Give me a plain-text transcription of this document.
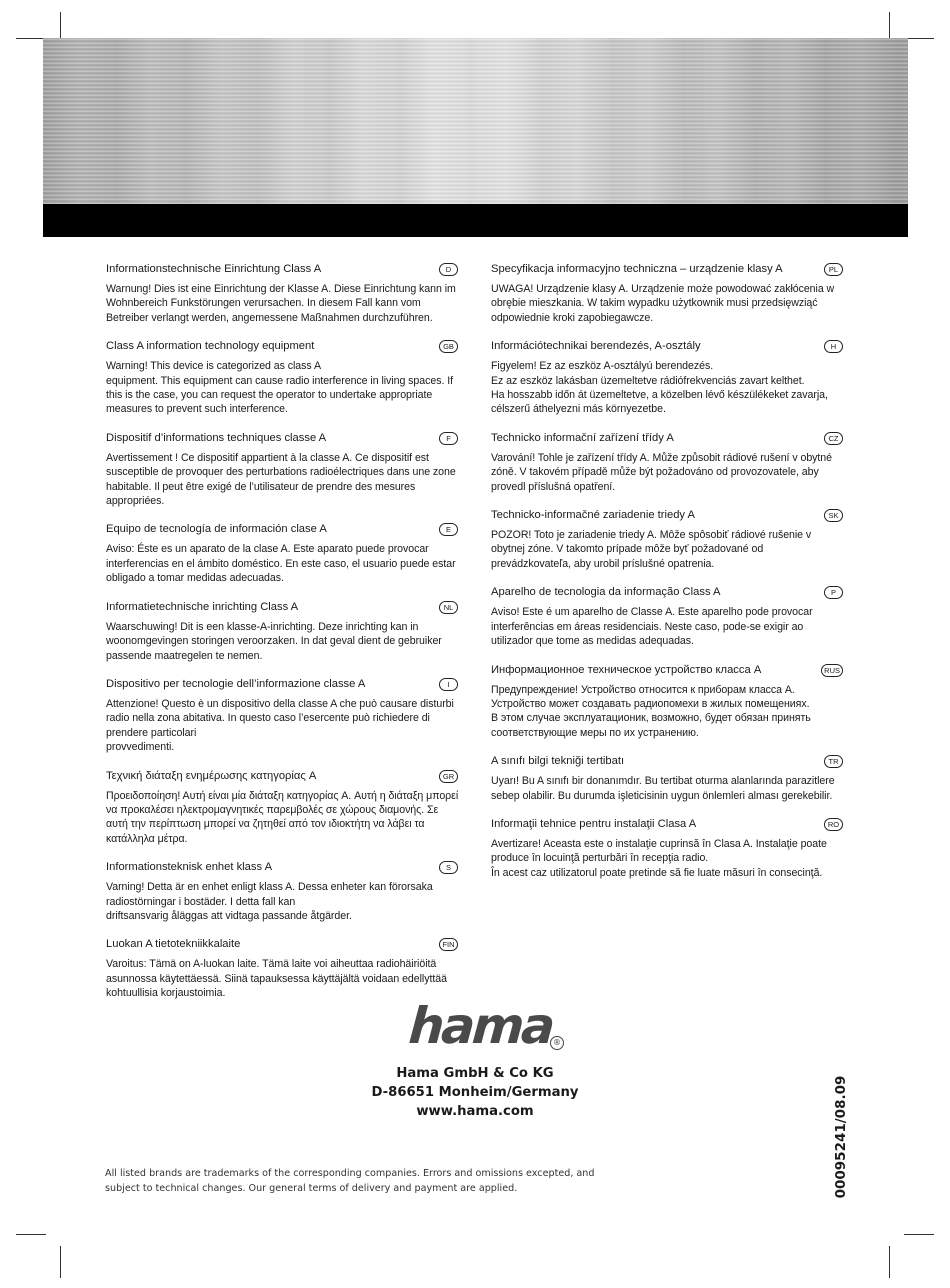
Informationstechnische Einrichtung Class A	D
Warnung! Dies ist eine Einrichtung der Klasse A. Diese Einrichtung kann im Wohnbereich Funkstörungen verursachen. In diesem Fall kann vom Betreiber verlangt werden, angemessene Maßnahmen durchzuführen.
Class A information technology equipment	GB
Warning! This device is categorized as class A
equipment. This equipment can cause radio interference in living spaces. If this is the case, you can request the operator to undertake appropriate measures to prevent such interference.
Dispositif d’informations techniques classe A	F
Avertissement ! Ce dispositif appartient à la classe A. Ce dispositif est susceptible de provoquer des perturbations radioélectriques dans une zone habitable. Il peut être exigé de l’utilisateur de prendre des mesures appropriées.
Equipo de tecnología de información clase A	E
Aviso: Éste es un aparato de la clase A. Este aparato puede provocar interferencias en el ámbito doméstico. En este caso, el usuario puede estar obligado a tomar medidas adecuadas.
Informatietechnische inrichting Class A	NL
Waarschuwing! Dit is een klasse-A-inrichting. Deze inrichting kan in woonomgevingen storingen veroorzaken. In dat geval dient de gebruiker passende maatregelen te nemen.
Dispositivo per tecnologie dell’informazione classe A	I
Attenzione! Questo è un dispositivo della classe A che può causare disturbi radio nella zona abitativa. In questo caso l’esercente può richiedere di prendere particolari
provvedimenti.
Τεχνική διάταξη ενημέρωσης κατηγορίας A	GR
Προειδοποίηση! Αυτή είναι μία διάταξη κατηγορίας A. Αυτή η διάταξη μπορεί να προκαλέσει ηλεκτρομαγνητικές παρεμβολές σε χώρους διαμονής. Σε αυτή την περίπτωση μπορεί να ζητηθεί από τον ιδιοκτήτη να λάβει τα κατάλληλα μέτρα.
Informationsteknisk enhet klass A	S
Varning! Detta är en enhet enligt klass A. Dessa enheter kan förorsaka radiostörningar i bostäder. I detta fall kan
driftsansvarig åläggas att vidtaga passande åtgärder.
Luokan A tietotekniikkalaite	FIN
Varoitus: Tämä on A-luokan laite. Tämä laite voi aiheuttaa radiohäiriöitä asunnossa käytettäessä. Siinä tapauksessa käyttäjältä voidaan edellyttää kohtuullisia korjaustoimia.
Specyfikacja informacyjno techniczna – urządzenie klasy A	PL
UWAGA! Urządzenie klasy A. Urządzenie może powodować zakłócenia w obrębie mieszkania. W takim wypadku użytkownik musi przedsięwziąć odpowiednie kroki zapobiegawcze.
Információtechnikai berendezés, A-osztály	H
Figyelem! Ez az eszköz A-osztályú berendezés.
Ez az eszköz lakásban üzemeltetve rádiófrekvenciás zavart kelthet.
Ha hosszabb időn át üzemeltetve, a közelben lévő készülékeket zavarja, célszerű áthelyezni más környezetbe.
Technicko informační zařízení třídy A	CZ
Varování! Tohle je zařízení třídy A. Může způsobit rádiové rušení v obytné zóně. V takovém případě může být požadováno od provozovatele, aby provedl příslušná opatření.
Technicko-informačné zariadenie triedy A	SK
POZOR! Toto je zariadenie triedy A. Môže spôsobiť rádiové rušenie v obytnej zóne. V takomto prípade môže byť požadované od prevádzkovateľa, aby urobil príslušné opatrenia.
Aparelho de tecnologia da informação Class A	P
Aviso! Este é um aparelho de Classe A. Este aparelho pode provocar interferências em áreas residenciais. Neste caso, pode-se exigir ao utilizador que tome as medidas adequadas.
Информационное техническое устройство класса A	RUS
Предупреждение! Устройство относится к приборам класса А.
Устройство может создавать радиопомехи в жилых помещениях.
В этом случае эксплуатационик, возможно, будет обязан принять соответствующие меры по их устранению.
A sınıfı bilgi tekniği tertibatı	TR
Uyarı! Bu A sınıfı bir donanımdır. Bu tertibat oturma alanlarında parazitlere sebep olabilir. Bu durumda işleticisinin uygun önlemleri alması gerekebilir.
Informaţii tehnice pentru instalaţii Clasa A	RO
Avertizare! Aceasta este o instalaţie cuprinsă în Clasa A. Instalaţie poate produce în locuinţă perturbări în recepţia radio.
În acest caz utilizatorul poate pretinde să fie luate măsuri în consecinţă.
hama
®
Hama GmbH & Co KG
D-86651 Monheim/Germany
www.hama.com	00095241/08.09
All listed brands are trademarks of the corresponding companies. Errors and omissions excepted, and subject to technical changes. Our general terms of delivery and payment are applied.
